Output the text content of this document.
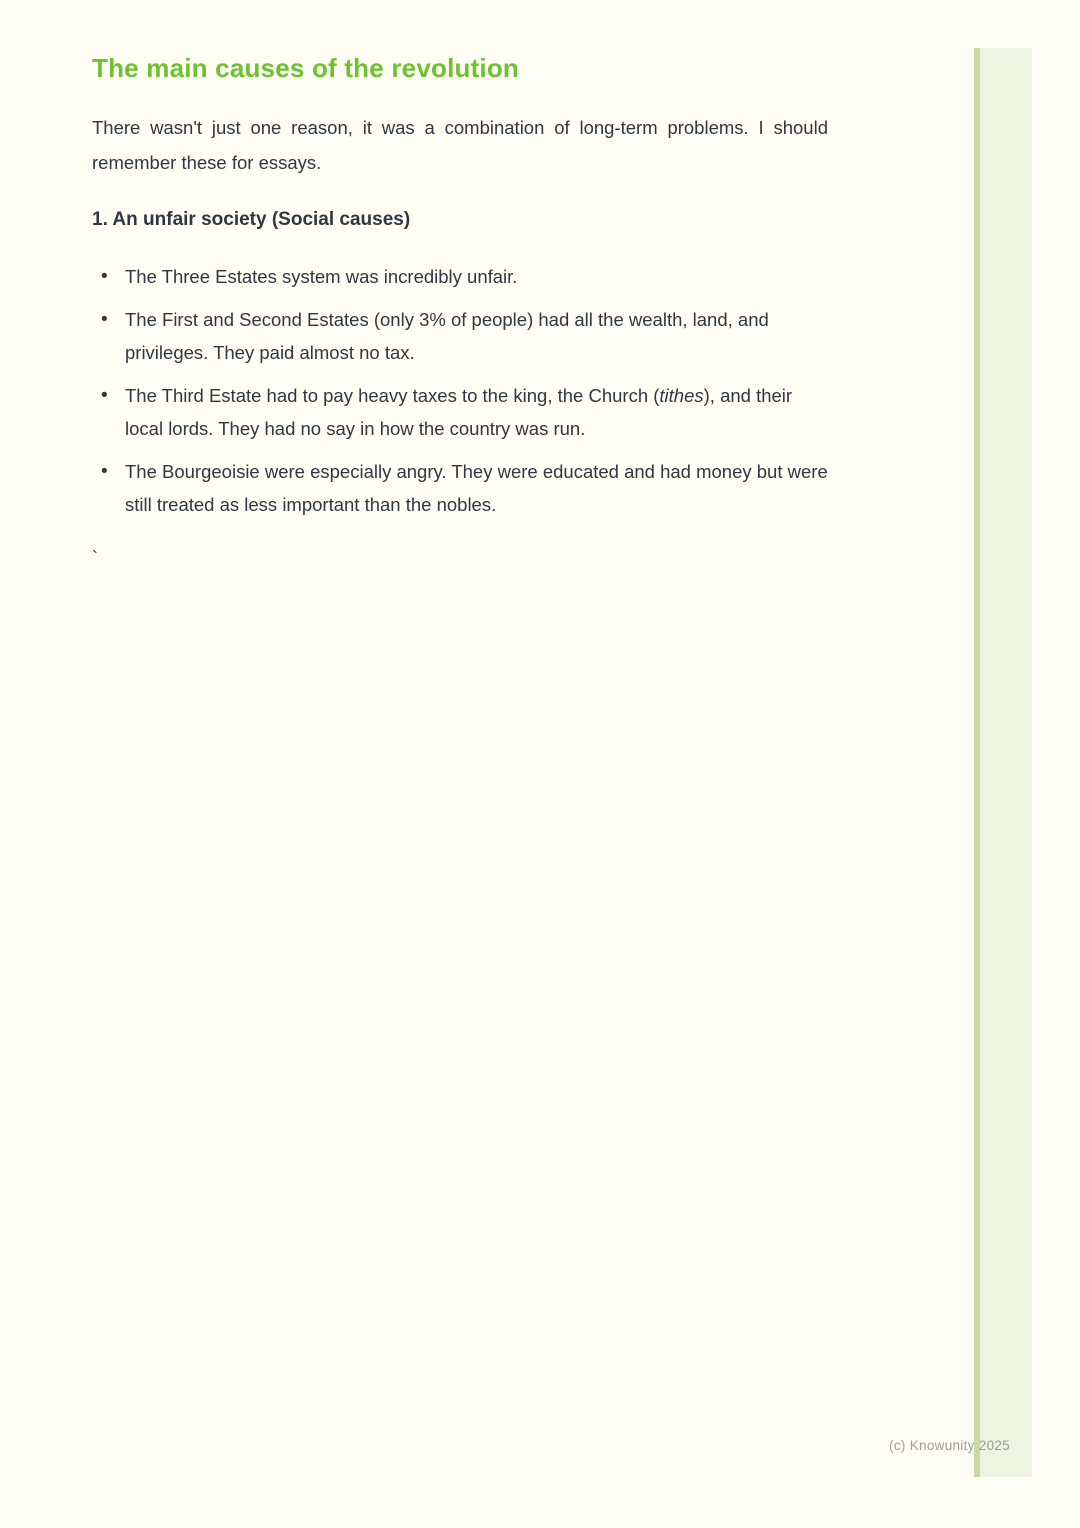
The main causes of the revolution

There wasn't just one reason, it was a combination of long-term problems. I should remember these for essays.

1. An unfair society (Social causes)
• The Three Estates system was incredibly unfair.
• The First and Second Estates (only 3% of people) had all the wealth, land, and privileges. They paid almost no tax.
• The Third Estate had to pay heavy taxes to the king, the Church (tithes), and their local lords. They had no say in how the country was run.
• The Bourgeoisie were especially angry. They were educated and had money but were still treated as less important than the nobles.
`
(c) Knowunity 2025
